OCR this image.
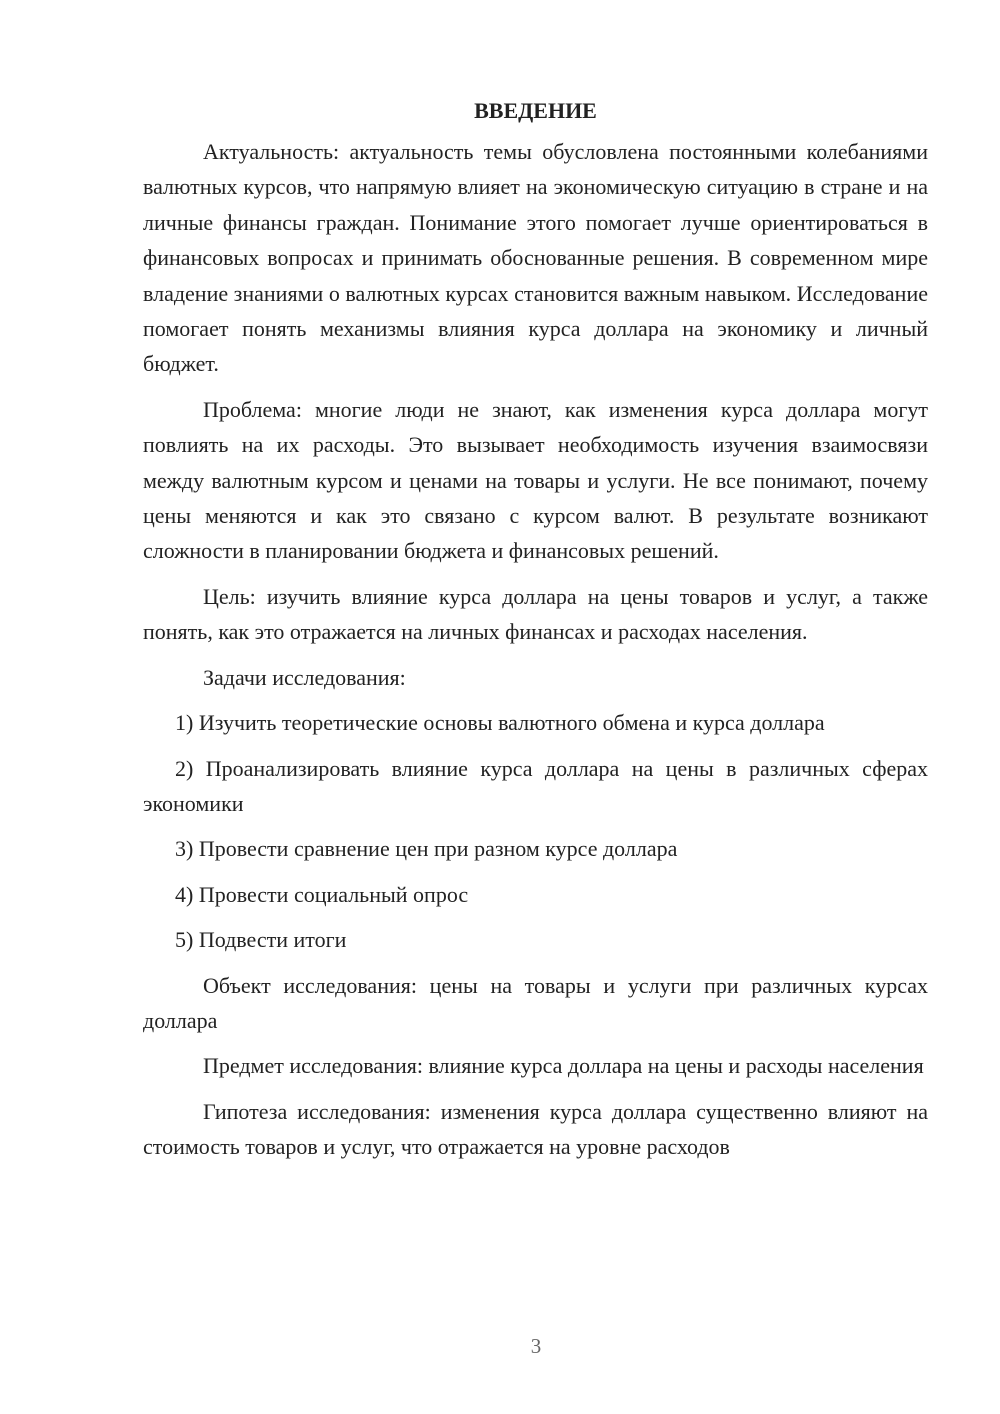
ВВЕДЕНИЕ

Актуальность: актуальность темы обусловлена постоянными колебаниями валютных курсов, что напрямую влияет на экономическую ситуацию в стране и на личные финансы граждан. Понимание этого помогает лучше ориентироваться в финансовых вопросах и принимать обоснованные решения. В современном мире владение знаниями о валютных курсах становится важным навыком. Исследование помогает понять механизмы влияния курса доллара на экономику и личный бюджет.

Проблема: многие люди не знают, как изменения курса доллара могут повлиять на их расходы. Это вызывает необходимость изучения взаимосвязи между валютным курсом и ценами на товары и услуги. Не все понимают, почему цены меняются и как это связано с курсом валют. В результате возникают сложности в планировании бюджета и финансовых решений.

Цель: изучить влияние курса доллара на цены товаров и услуг, а также понять, как это отражается на личных финансах и расходах населения.

Задачи исследования:

1) Изучить теоретические основы валютного обмена и курса доллара

2) Проанализировать влияние курса доллара на цены в различных сферах экономики

3) Провести сравнение цен при разном курсе доллара

4) Провести социальный опрос

5) Подвести итоги

Объект исследования: цены на товары и услуги при различных курсах доллара

Предмет исследования: влияние курса доллара на цены и расходы населения

Гипотеза исследования: изменения курса доллара существенно влияют на стоимость товаров и услуг, что отражается на уровне расходов

3
